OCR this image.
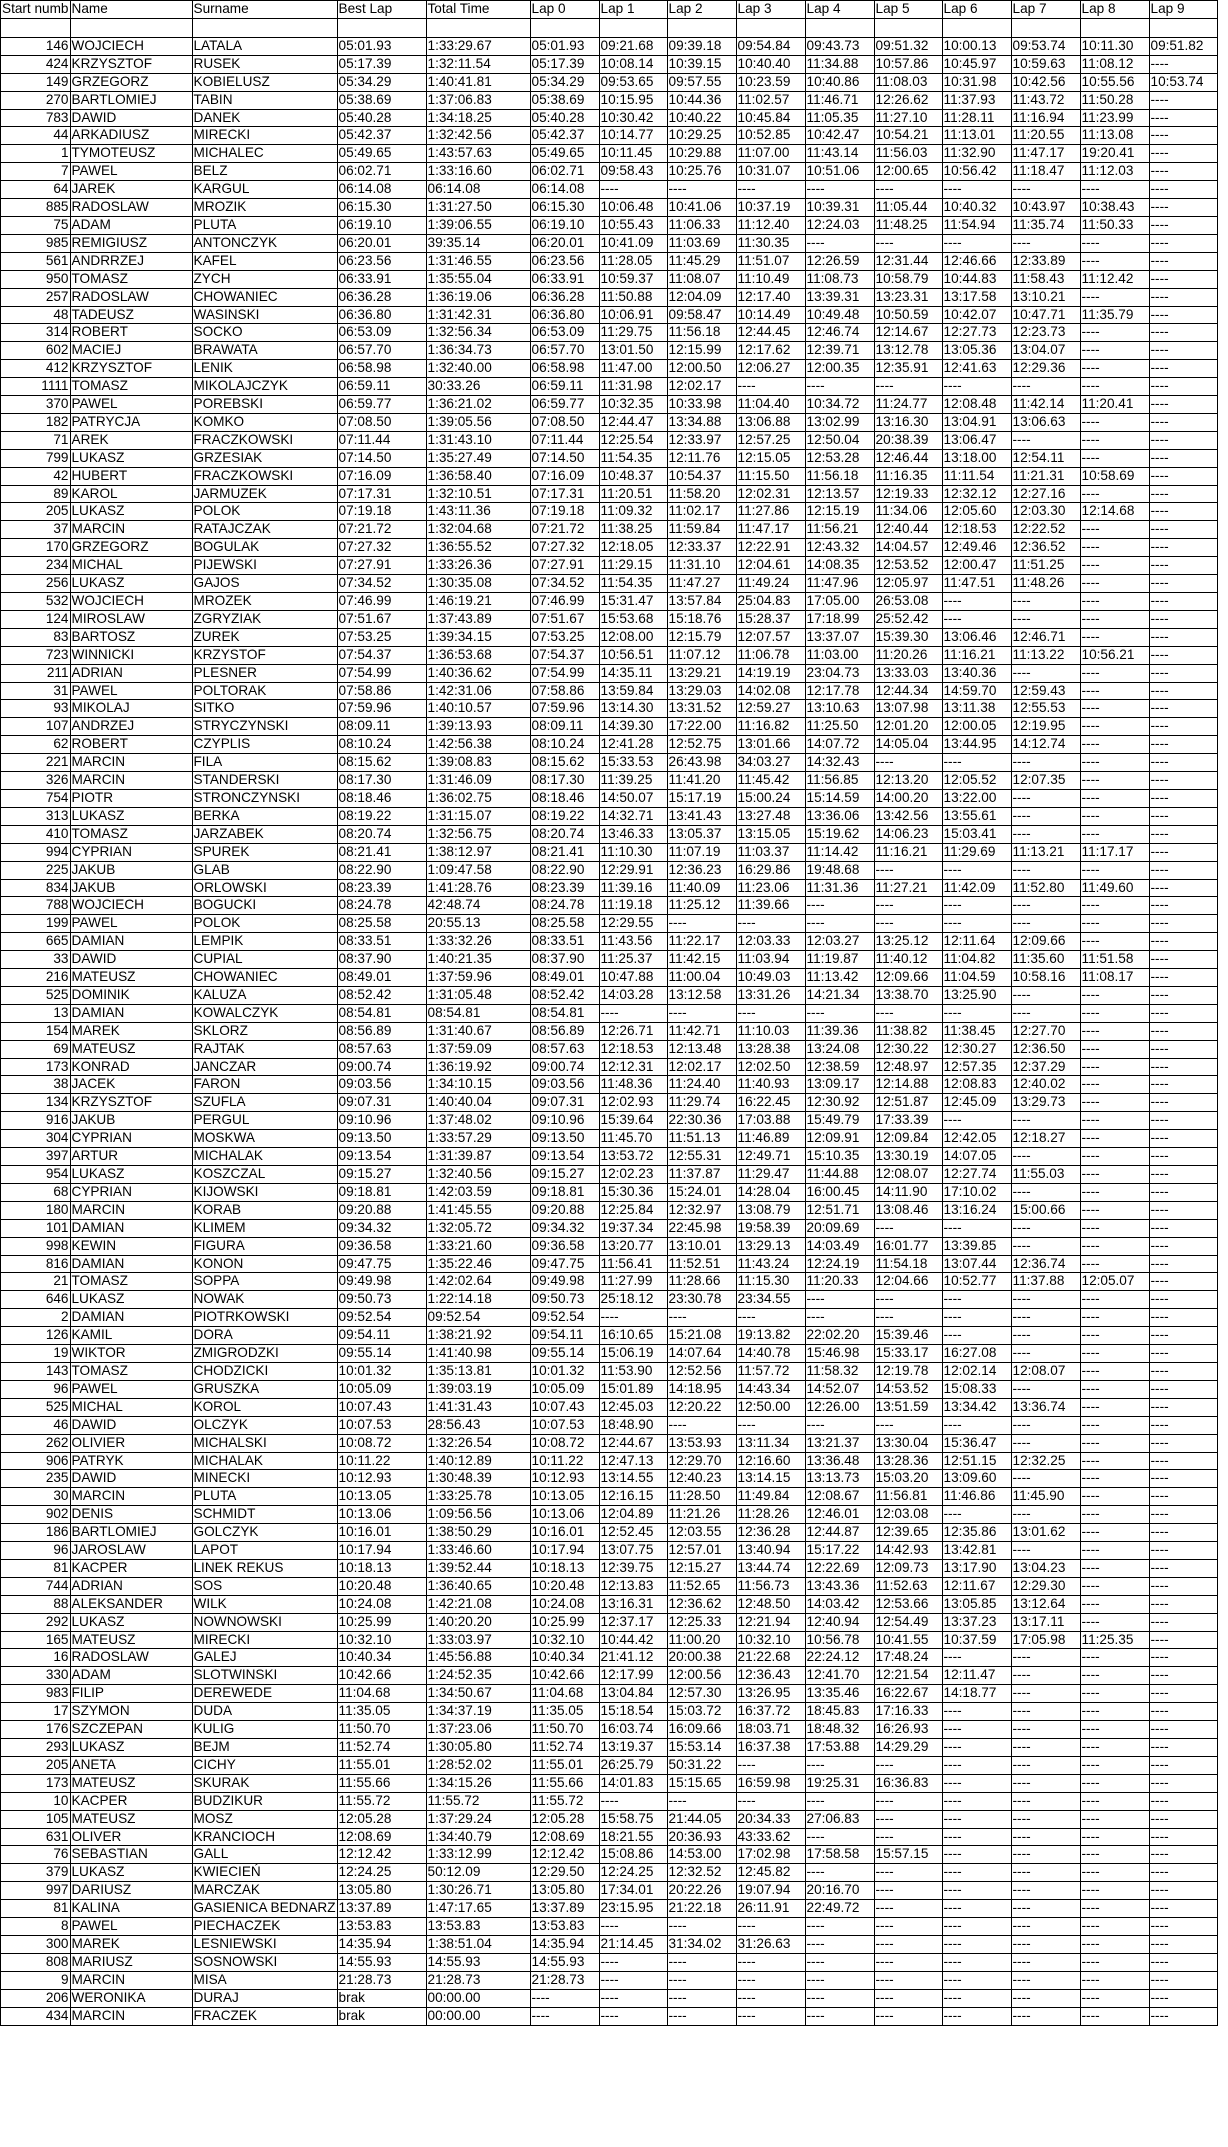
Start numb	Name	Surname	Best Lap	Total Time	Lap 0	Lap 1	Lap 2	Lap 3	Lap 4	Lap 5	Lap 6	Lap 7	Lap 8	Lap 9

146	WOJCIECH	LATALA	05:01.93	1:33:29.67	05:01.93	09:21.68	09:39.18	09:54.84	09:43.73	09:51.32	10:00.13	09:53.74	10:11.30	09:51.82
424	KRZYSZTOF	RUSEK	05:17.39	1:32:11.54	05:17.39	10:08.14	10:39.15	10:40.40	11:34.88	10:57.86	10:45.97	10:59.63	11:08.12	----
149	GRZEGORZ	KOBIELUSZ	05:34.29	1:40:41.81	05:34.29	09:53.65	09:57.55	10:23.59	10:40.86	11:08.03	10:31.98	10:42.56	10:55.56	10:53.74
270	BARTLOMIEJ	TABIN	05:38.69	1:37:06.83	05:38.69	10:15.95	10:44.36	11:02.57	11:46.71	12:26.62	11:37.93	11:43.72	11:50.28	----
783	DAWID	DANEK	05:40.28	1:34:18.25	05:40.28	10:30.42	10:40.22	10:45.84	11:05.35	11:27.10	11:28.11	11:16.94	11:23.99	----
44	ARKADIUSZ	MIRECKI	05:42.37	1:32:42.56	05:42.37	10:14.77	10:29.25	10:52.85	10:42.47	10:54.21	11:13.01	11:20.55	11:13.08	----
1	TYMOTEUSZ	MICHALEC	05:49.65	1:43:57.63	05:49.65	10:11.45	10:29.88	11:07.00	11:43.14	11:56.03	11:32.90	11:47.17	19:20.41	----
7	PAWEL	BELZ	06:02.71	1:33:16.60	06:02.71	09:58.43	10:25.76	10:31.07	10:51.06	12:00.65	10:56.42	11:18.47	11:12.03	----
64	JAREK	KARGUL	06:14.08	06:14.08	06:14.08	----	----	----	----	----	----	----	----	----
885	RADOSLAW	MROZIK	06:15.30	1:31:27.50	06:15.30	10:06.48	10:41.06	10:37.19	10:39.31	11:05.44	10:40.32	10:43.97	10:38.43	----
75	ADAM	PLUTA	06:19.10	1:39:06.55	06:19.10	10:55.43	11:06.33	11:12.40	12:24.03	11:48.25	11:54.94	11:35.74	11:50.33	----
985	REMIGIUSZ	ANTONCZYK	06:20.01	39:35.14	06:20.01	10:41.09	11:03.69	11:30.35	----	----	----	----	----	----
561	ANDRRZEJ	KAFEL	06:23.56	1:31:46.55	06:23.56	11:28.05	11:45.29	11:51.07	12:26.59	12:31.44	12:46.66	12:33.89	----	----
950	TOMASZ	ZYCH	06:33.91	1:35:55.04	06:33.91	10:59.37	11:08.07	11:10.49	11:08.73	10:58.79	10:44.83	11:58.43	11:12.42	----
257	RADOSLAW	CHOWANIEC	06:36.28	1:36:19.06	06:36.28	11:50.88	12:04.09	12:17.40	13:39.31	13:23.31	13:17.58	13:10.21	----	----
48	TADEUSZ	WASINSKI	06:36.80	1:31:42.31	06:36.80	10:06.91	09:58.47	10:14.49	10:49.48	10:50.59	10:42.07	10:47.71	11:35.79	----
314	ROBERT	SOCKO	06:53.09	1:32:56.34	06:53.09	11:29.75	11:56.18	12:44.45	12:46.74	12:14.67	12:27.73	12:23.73	----	----
602	MACIEJ	BRAWATA	06:57.70	1:36:34.73	06:57.70	13:01.50	12:15.99	12:17.62	12:39.71	13:12.78	13:05.36	13:04.07	----	----
412	KRZYSZTOF	LENIK	06:58.98	1:32:40.00	06:58.98	11:47.00	12:00.50	12:06.27	12:00.35	12:35.91	12:41.63	12:29.36	----	----
1111	TOMASZ	MIKOLAJCZYK	06:59.11	30:33.26	06:59.11	11:31.98	12:02.17	----	----	----	----	----	----	----
370	PAWEL	POREBSKI	06:59.77	1:36:21.02	06:59.77	10:32.35	10:33.98	11:04.40	10:34.72	11:24.77	12:08.48	11:42.14	11:20.41	----
182	PATRYCJA	KOMKO	07:08.50	1:39:05.56	07:08.50	12:44.47	13:34.88	13:06.88	13:02.99	13:16.30	13:04.91	13:06.63	----	----
71	AREK	FRACZKOWSKI	07:11.44	1:31:43.10	07:11.44	12:25.54	12:33.97	12:57.25	12:50.04	20:38.39	13:06.47	----	----	----
799	LUKASZ	GRZESIAK	07:14.50	1:35:27.49	07:14.50	11:54.35	12:11.76	12:15.05	12:53.28	12:46.44	13:18.00	12:54.11	----	----
42	HUBERT	FRACZKOWSKI	07:16.09	1:36:58.40	07:16.09	10:48.37	10:54.37	11:15.50	11:56.18	11:16.35	11:11.54	11:21.31	10:58.69	----
89	KAROL	JARMUZEK	07:17.31	1:32:10.51	07:17.31	11:20.51	11:58.20	12:02.31	12:13.57	12:19.33	12:32.12	12:27.16	----	----
205	LUKASZ	POLOK	07:19.18	1:43:11.36	07:19.18	11:09.32	11:02.17	11:27.86	12:15.19	11:34.06	12:05.60	12:03.30	12:14.68	----
37	MARCIN	RATAJCZAK	07:21.72	1:32:04.68	07:21.72	11:38.25	11:59.84	11:47.17	11:56.21	12:40.44	12:18.53	12:22.52	----	----
170	GRZEGORZ	BOGULAK	07:27.32	1:36:55.52	07:27.32	12:18.05	12:33.37	12:22.91	12:43.32	14:04.57	12:49.46	12:36.52	----	----
234	MICHAL	PIJEWSKI	07:27.91	1:33:26.36	07:27.91	11:29.15	11:31.10	12:04.61	14:08.35	12:53.52	12:00.47	11:51.25	----	----
256	LUKASZ	GAJOS	07:34.52	1:30:35.08	07:34.52	11:54.35	11:47.27	11:49.24	11:47.96	12:05.97	11:47.51	11:48.26	----	----
532	WOJCIECH	MROZEK	07:46.99	1:46:19.21	07:46.99	15:31.47	13:57.84	25:04.83	17:05.00	26:53.08	----	----	----	----
124	MIROSLAW	ZGRYZIAK	07:51.67	1:37:43.89	07:51.67	15:53.68	15:18.76	15:28.37	17:18.99	25:52.42	----	----	----	----
83	BARTOSZ	ZUREK	07:53.25	1:39:34.15	07:53.25	12:08.00	12:15.79	12:07.57	13:37.07	15:39.30	13:06.46	12:46.71	----	----
723	WINNICKI	KRZYSTOF	07:54.37	1:36:53.68	07:54.37	10:56.51	11:07.12	11:06.78	11:03.00	11:20.26	11:16.21	11:13.22	10:56.21	----
211	ADRIAN	PLESNER	07:54.99	1:40:36.62	07:54.99	14:35.11	13:29.21	14:19.19	23:04.73	13:33.03	13:40.36	----	----	----
31	PAWEL	POLTORAK	07:58.86	1:42:31.06	07:58.86	13:59.84	13:29.03	14:02.08	12:17.78	12:44.34	14:59.70	12:59.43	----	----
93	MIKOLAJ	SITKO	07:59.96	1:40:10.57	07:59.96	13:14.30	13:31.52	12:59.27	13:10.63	13:07.98	13:11.38	12:55.53	----	----
107	ANDRZEJ	STRYCZYNSKI	08:09.11	1:39:13.93	08:09.11	14:39.30	17:22.00	11:16.82	11:25.50	12:01.20	12:00.05	12:19.95	----	----
62	ROBERT	CZYPLIS	08:10.24	1:42:56.38	08:10.24	12:41.28	12:52.75	13:01.66	14:07.72	14:05.04	13:44.95	14:12.74	----	----
221	MARCIN	FILA	08:15.62	1:39:08.83	08:15.62	15:33.53	26:43.98	34:03.27	14:32.43	----	----	----	----	----
326	MARCIN	STANDERSKI	08:17.30	1:31:46.09	08:17.30	11:39.25	11:41.20	11:45.42	11:56.85	12:13.20	12:05.52	12:07.35	----	----
754	PIOTR	STRONCZYNSKI	08:18.46	1:36:02.75	08:18.46	14:50.07	15:17.19	15:00.24	15:14.59	14:00.20	13:22.00	----	----	----
313	LUKASZ	BERKA	08:19.22	1:31:15.07	08:19.22	14:32.71	13:41.43	13:27.48	13:36.06	13:42.56	13:55.61	----	----	----
410	TOMASZ	JARZABEK	08:20.74	1:32:56.75	08:20.74	13:46.33	13:05.37	13:15.05	15:19.62	14:06.23	15:03.41	----	----	----
994	CYPRIAN	SPUREK	08:21.41	1:38:12.97	08:21.41	11:10.30	11:07.19	11:03.37	11:14.42	11:16.21	11:29.69	11:13.21	11:17.17	----
225	JAKUB	GLAB	08:22.90	1:09:47.58	08:22.90	12:29.91	12:36.23	16:29.86	19:48.68	----	----	----	----	----
834	JAKUB	ORLOWSKI	08:23.39	1:41:28.76	08:23.39	11:39.16	11:40.09	11:23.06	11:31.36	11:27.21	11:42.09	11:52.80	11:49.60	----
788	WOJCIECH	BOGUCKI	08:24.78	42:48.74	08:24.78	11:19.18	11:25.12	11:39.66	----	----	----	----	----	----
199	PAWEL	POLOK	08:25.58	20:55.13	08:25.58	12:29.55	----	----	----	----	----	----	----	----
665	DAMIAN	LEMPIK	08:33.51	1:33:32.26	08:33.51	11:43.56	11:22.17	12:03.33	12:03.27	13:25.12	12:11.64	12:09.66	----	----
33	DAWID	CUPIAL	08:37.90	1:40:21.35	08:37.90	11:25.37	11:42.15	11:03.94	11:19.87	11:40.12	11:04.82	11:35.60	11:51.58	----
216	MATEUSZ	CHOWANIEC	08:49.01	1:37:59.96	08:49.01	10:47.88	11:00.04	10:49.03	11:13.42	12:09.66	11:04.59	10:58.16	11:08.17	----
525	DOMINIK	KALUZA	08:52.42	1:31:05.48	08:52.42	14:03.28	13:12.58	13:31.26	14:21.34	13:38.70	13:25.90	----	----	----
13	DAMIAN	KOWALCZYK	08:54.81	08:54.81	08:54.81	----	----	----	----	----	----	----	----	----
154	MAREK	SKLORZ	08:56.89	1:31:40.67	08:56.89	12:26.71	11:42.71	11:10.03	11:39.36	11:38.82	11:38.45	12:27.70	----	----
69	MATEUSZ	RAJTAK	08:57.63	1:37:59.09	08:57.63	12:18.53	12:13.48	13:28.38	13:24.08	12:30.22	12:30.27	12:36.50	----	----
173	KONRAD	JANCZAR	09:00.74	1:36:19.92	09:00.74	12:12.31	12:02.17	12:02.50	12:38.59	12:48.97	12:57.35	12:37.29	----	----
38	JACEK	FARON	09:03.56	1:34:10.15	09:03.56	11:48.36	11:24.40	11:40.93	13:09.17	12:14.88	12:08.83	12:40.02	----	----
134	KRZYSZTOF	SZUFLA	09:07.31	1:40:40.04	09:07.31	12:02.93	11:29.74	16:22.45	12:30.92	12:51.87	12:45.09	13:29.73	----	----
916	JAKUB	PERGUL	09:10.96	1:37:48.02	09:10.96	15:39.64	22:30.36	17:03.88	15:49.79	17:33.39	----	----	----	----
304	CYPRIAN	MOSKWA	09:13.50	1:33:57.29	09:13.50	11:45.70	11:51.13	11:46.89	12:09.91	12:09.84	12:42.05	12:18.27	----	----
397	ARTUR	MICHALAK	09:13.54	1:31:39.87	09:13.54	13:53.72	12:55.31	12:49.71	15:10.35	13:30.19	14:07.05	----	----	----
954	LUKASZ	KOSZCZAL	09:15.27	1:32:40.56	09:15.27	12:02.23	11:37.87	11:29.47	11:44.88	12:08.07	12:27.74	11:55.03	----	----
68	CYPRIAN	KIJOWSKI	09:18.81	1:42:03.59	09:18.81	15:30.36	15:24.01	14:28.04	16:00.45	14:11.90	17:10.02	----	----	----
180	MARCIN	KORAB	09:20.88	1:41:45.55	09:20.88	12:25.84	12:32.97	13:08.79	12:51.71	13:08.46	13:16.24	15:00.66	----	----
101	DAMIAN	KLIMEM	09:34.32	1:32:05.72	09:34.32	19:37.34	22:45.98	19:58.39	20:09.69	----	----	----	----	----
998	KEWIN	FIGURA	09:36.58	1:33:21.60	09:36.58	13:20.77	13:10.01	13:29.13	14:03.49	16:01.77	13:39.85	----	----	----
816	DAMIAN	KONON	09:47.75	1:35:22.46	09:47.75	11:56.41	11:52.51	11:43.24	12:24.19	11:54.18	13:07.44	12:36.74	----	----
21	TOMASZ	SOPPA	09:49.98	1:42:02.64	09:49.98	11:27.99	11:28.66	11:15.30	11:20.33	12:04.66	10:52.77	11:37.88	12:05.07	----
646	LUKASZ	NOWAK	09:50.73	1:22:14.18	09:50.73	25:18.12	23:30.78	23:34.55	----	----	----	----	----	----
2	DAMIAN	PIOTRKOWSKI	09:52.54	09:52.54	09:52.54	----	----	----	----	----	----	----	----	----
126	KAMIL	DORA	09:54.11	1:38:21.92	09:54.11	16:10.65	15:21.08	19:13.82	22:02.20	15:39.46	----	----	----	----
19	WIKTOR	ZMIGRODZKI	09:55.14	1:41:40.98	09:55.14	15:06.19	14:07.64	14:40.78	15:46.98	15:33.17	16:27.08	----	----	----
143	TOMASZ	CHODZICKI	10:01.32	1:35:13.81	10:01.32	11:53.90	12:52.56	11:57.72	11:58.32	12:19.78	12:02.14	12:08.07	----	----
96	PAWEL	GRUSZKA	10:05.09	1:39:03.19	10:05.09	15:01.89	14:18.95	14:43.34	14:52.07	14:53.52	15:08.33	----	----	----
525	MICHAL	KOROL	10:07.43	1:41:31.43	10:07.43	12:45.03	12:20.22	12:50.00	12:26.00	13:51.59	13:34.42	13:36.74	----	----
46	DAWID	OLCZYK	10:07.53	28:56.43	10:07.53	18:48.90	----	----	----	----	----	----	----	----
262	OLIVIER	MICHALSKI	10:08.72	1:32:26.54	10:08.72	12:44.67	13:53.93	13:11.34	13:21.37	13:30.04	15:36.47	----	----	----
906	PATRYK	MICHALAK	10:11.22	1:40:12.89	10:11.22	12:47.13	12:29.70	12:16.60	13:36.48	13:28.36	12:51.15	12:32.25	----	----
235	DAWID	MINECKI	10:12.93	1:30:48.39	10:12.93	13:14.55	12:40.23	13:14.15	13:13.73	15:03.20	13:09.60	----	----	----
30	MARCIN	PLUTA	10:13.05	1:33:25.78	10:13.05	12:16.15	11:28.50	11:49.84	12:08.67	11:56.81	11:46.86	11:45.90	----	----
902	DENIS	SCHMIDT	10:13.06	1:09:56.56	10:13.06	12:04.89	11:21.26	11:28.26	12:46.01	12:03.08	----	----	----	----
186	BARTLOMIEJ	GOLCZYK	10:16.01	1:38:50.29	10:16.01	12:52.45	12:03.55	12:36.28	12:44.87	12:39.65	12:35.86	13:01.62	----	----
96	JAROSLAW	LAPOT	10:17.94	1:33:46.60	10:17.94	13:07.75	12:57.01	13:40.94	15:17.22	14:42.93	13:42.81	----	----	----
81	KACPER	LINEK REKUS	10:18.13	1:39:52.44	10:18.13	12:39.75	12:15.27	13:44.74	12:22.69	12:09.73	13:17.90	13:04.23	----	----
744	ADRIAN	SOS	10:20.48	1:36:40.65	10:20.48	12:13.83	11:52.65	11:56.73	13:43.36	11:52.63	12:11.67	12:29.30	----	----
88	ALEKSANDER	WILK	10:24.08	1:42:21.08	10:24.08	13:16.31	12:36.62	12:48.50	14:03.42	12:53.66	13:05.85	13:12.64	----	----
292	LUKASZ	NOWNOWSKI	10:25.99	1:40:20.20	10:25.99	12:37.17	12:25.33	12:21.94	12:40.94	12:54.49	13:37.23	13:17.11	----	----
165	MATEUSZ	MIRECKI	10:32.10	1:33:03.97	10:32.10	10:44.42	11:00.20	10:32.10	10:56.78	10:41.55	10:37.59	17:05.98	11:25.35	----
16	RADOSLAW	GALEJ	10:40.34	1:45:56.88	10:40.34	21:41.12	20:00.38	21:22.68	22:24.12	17:48.24	----	----	----	----
330	ADAM	SLOTWINSKI	10:42.66	1:24:52.35	10:42.66	12:17.99	12:00.56	12:36.43	12:41.70	12:21.54	12:11.47	----	----	----
983	FILIP	DEREWEDE	11:04.68	1:34:50.67	11:04.68	13:04.84	12:57.30	13:26.95	13:35.46	16:22.67	14:18.77	----	----	----
17	SZYMON	DUDA	11:35.05	1:34:37.19	11:35.05	15:18.54	15:03.72	16:37.72	18:45.83	17:16.33	----	----	----	----
176	SZCZEPAN	KULIG	11:50.70	1:37:23.06	11:50.70	16:03.74	16:09.66	18:03.71	18:48.32	16:26.93	----	----	----	----
293	LUKASZ	BEJM	11:52.74	1:30:05.80	11:52.74	13:19.37	15:53.14	16:37.38	17:53.88	14:29.29	----	----	----	----
205	ANETA	CICHY	11:55.01	1:28:52.02	11:55.01	26:25.79	50:31.22	----	----	----	----	----	----	----
173	MATEUSZ	SKURAK	11:55.66	1:34:15.26	11:55.66	14:01.83	15:15.65	16:59.98	19:25.31	16:36.83	----	----	----	----
10	KACPER	BUDZIKUR	11:55.72	11:55.72	11:55.72	----	----	----	----	----	----	----	----	----
105	MATEUSZ	MOSZ	12:05.28	1:37:29.24	12:05.28	15:58.75	21:44.05	20:34.33	27:06.83	----	----	----	----	----
631	OLIVER	KRANCIOCH	12:08.69	1:34:40.79	12:08.69	18:21.55	20:36.93	43:33.62	----	----	----	----	----	----
76	SEBASTIAN	GALL	12:12.42	1:33:12.99	12:12.42	15:08.86	14:53.00	17:02.98	17:58.58	15:57.15	----	----	----	----
379	LUKASZ	KWIECIEŃ	12:24.25	50:12.09	12:29.50	12:24.25	12:32.52	12:45.82	----	----	----	----	----	----
997	DARIUSZ	MARCZAK	13:05.80	1:30:26.71	13:05.80	17:34.01	20:22.26	19:07.94	20:16.70	----	----	----	----	----
81	KALINA	GASIENICA BEDNARZ	13:37.89	1:47:17.65	13:37.89	23:15.95	21:22.18	26:11.91	22:49.72	----	----	----	----	----
8	PAWEL	PIECHACZEK	13:53.83	13:53.83	13:53.83	----	----	----	----	----	----	----	----	----
300	MAREK	LESNIEWSKI	14:35.94	1:38:51.04	14:35.94	21:14.45	31:34.02	31:26.63	----	----	----	----	----	----
808	MARIUSZ	SOSNOWSKI	14:55.93	14:55.93	14:55.93	----	----	----	----	----	----	----	----	----
9	MARCIN	MISA	21:28.73	21:28.73	21:28.73	----	----	----	----	----	----	----	----	----
206	WERONIKA	DURAJ	brak	00:00.00	----	----	----	----	----	----	----	----	----	----
434	MARCIN	FRACZEK	brak	00:00.00	----	----	----	----	----	----	----	----	----	----
